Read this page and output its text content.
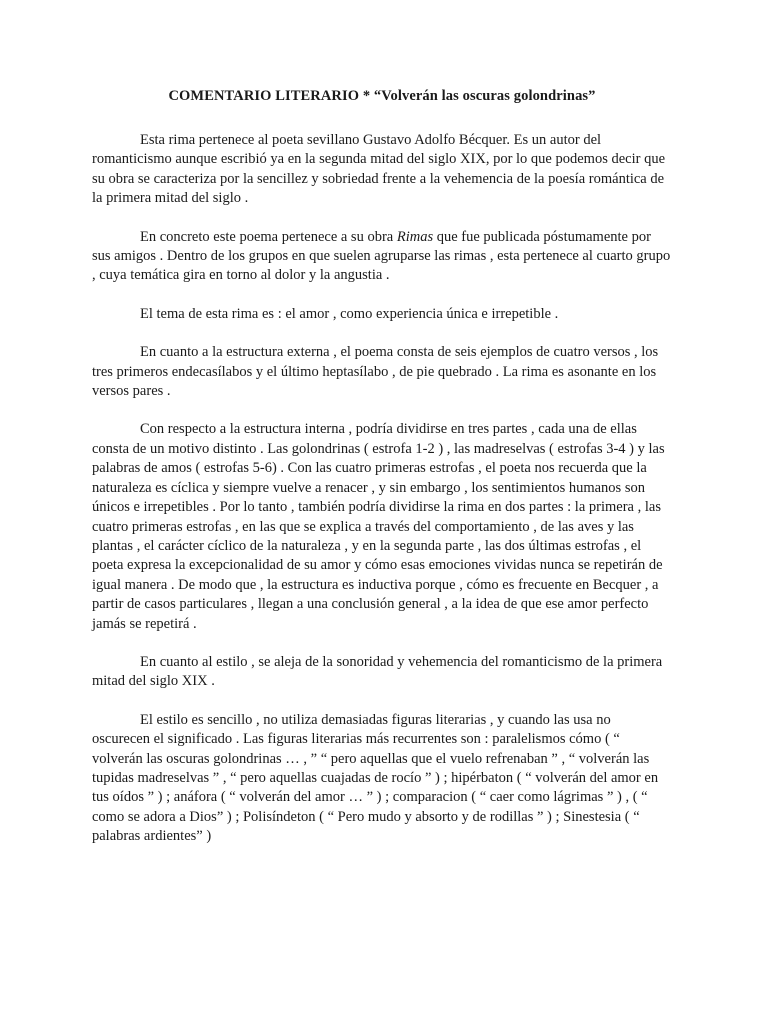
COMENTARIO LITERARIO * “Volverán las oscuras golondrinas”

Esta rima pertenece al poeta sevillano Gustavo Adolfo Bécquer. Es un autor del romanticismo aunque escribió ya en la segunda mitad del siglo XIX, por lo que podemos decir que su obra se caracteriza por la sencillez y sobriedad frente a la vehemencia de la poesía romántica de la primera mitad del siglo .

En concreto este poema pertenece a su obra Rimas que fue publicada póstumamente por sus amigos . Dentro de los grupos en que suelen agruparse las rimas , esta pertenece al cuarto grupo , cuya temática gira en torno al dolor y la angustia .

El tema de esta rima es : el amor , como experiencia única e irrepetible .

En cuanto a la estructura externa , el poema consta de seis ejemplos de cuatro versos , los tres primeros endecasílabos y el último heptasílabo , de pie quebrado . La rima es asonante en los versos pares .

Con respecto a la estructura interna , podría dividirse en tres partes , cada una de ellas consta de un motivo distinto . Las golondrinas ( estrofa 1-2 ) , las madreselvas ( estrofas 3-4 ) y las palabras de amos ( estrofas 5-6) . Con las cuatro primeras estrofas , el poeta nos recuerda que la naturaleza es cíclica y siempre vuelve a renacer , y sin embargo , los sentimientos humanos son únicos e irrepetibles . Por lo tanto , también podría dividirse la rima en dos partes : la primera , las cuatro primeras estrofas , en las que se explica a través del comportamiento , de las aves y las plantas , el carácter cíclico de la naturaleza , y en la segunda parte , las dos últimas estrofas , el poeta expresa la excepcionalidad de su amor y cómo esas emociones vividas nunca se repetirán de igual manera . De modo que , la estructura es inductiva porque , cómo es frecuente en Becquer , a partir de casos particulares , llegan a una conclusión general , a la idea de que ese amor perfecto jamás se repetirá .

En cuanto al estilo , se aleja de la sonoridad y vehemencia del romanticismo de la primera mitad del siglo XIX .

El estilo es sencillo , no utiliza demasiadas figuras literarias , y cuando las usa no oscurecen el significado . Las figuras literarias más recurrentes son : paralelismos cómo ( “ volverán las oscuras golondrinas … , ” “ pero aquellas que el vuelo refrenaban ” , “ volverán las tupidas madreselvas ” , “ pero aquellas cuajadas de rocío ” ) ; hipérbaton ( “ volverán del amor en tus oídos ” ) ; anáfora ( “ volverán del amor … ” ) ; comparacion ( “ caer como lágrimas ” ) , ( “ como se adora a Dios” ) ; Polisíndeton ( “ Pero mudo y absorto y de rodillas ” ) ; Sinestesia ( “ palabras ardientes” )
